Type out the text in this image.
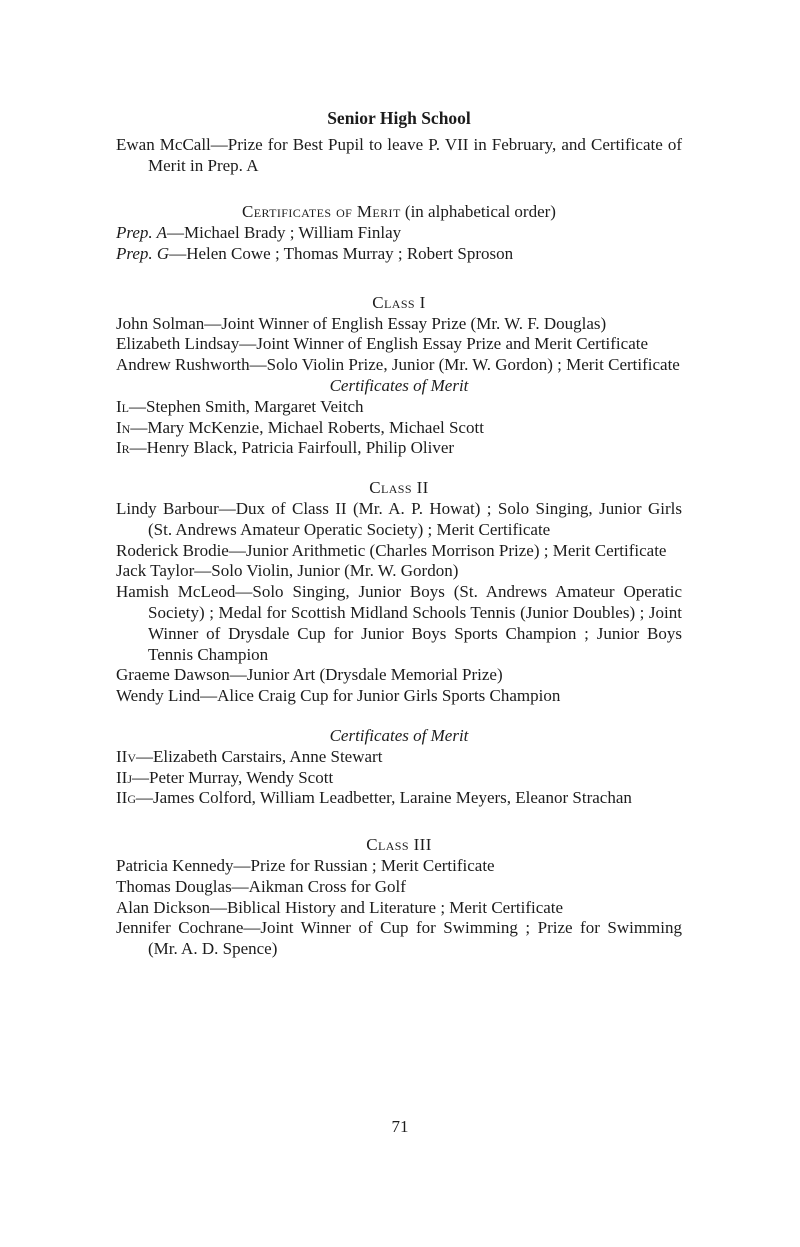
Senior High School

Ewan McCall—Prize for Best Pupil to leave P. VII in February, and Certificate of Merit in Prep. A

Certificates of Merit (in alphabetical order)

Prep. A—Michael Brady ; William Finlay

Prep. G—Helen Cowe ; Thomas Murray ; Robert Sproson

Class I

John Solman—Joint Winner of English Essay Prize (Mr. W. F. Douglas)

Elizabeth Lindsay—Joint Winner of English Essay Prize and Merit Certificate

Andrew Rushworth—Solo Violin Prize, Junior (Mr. W. Gordon) ; Merit Certificate

Certificates of Merit

Il—Stephen Smith, Margaret Veitch

In—Mary McKenzie, Michael Roberts, Michael Scott

Ir—Henry Black, Patricia Fairfoull, Philip Oliver

Class II

Lindy Barbour—Dux of Class II (Mr. A. P. Howat) ; Solo Singing, Junior Girls (St. Andrews Amateur Operatic Society) ; Merit Certificate

Roderick Brodie—Junior Arithmetic (Charles Morrison Prize) ; Merit Certificate

Jack Taylor—Solo Violin, Junior (Mr. W. Gordon)

Hamish McLeod—Solo Singing, Junior Boys (St. Andrews Amateur Operatic Society) ; Medal for Scottish Midland Schools Tennis (Junior Doubles) ; Joint Winner of Drysdale Cup for Junior Boys Sports Champion ; Junior Boys Tennis Champion

Graeme Dawson—Junior Art (Drysdale Memorial Prize)

Wendy Lind—Alice Craig Cup for Junior Girls Sports Champion

Certificates of Merit

IIv—Elizabeth Carstairs, Anne Stewart

IIj—Peter Murray, Wendy Scott

IIg—James Colford, William Leadbetter, Laraine Meyers, Eleanor Strachan

Class III

Patricia Kennedy—Prize for Russian ; Merit Certificate

Thomas Douglas—Aikman Cross for Golf

Alan Dickson—Biblical History and Literature ; Merit Certificate

Jennifer Cochrane—Joint Winner of Cup for Swimming ; Prize for Swimming (Mr. A. D. Spence)

71
